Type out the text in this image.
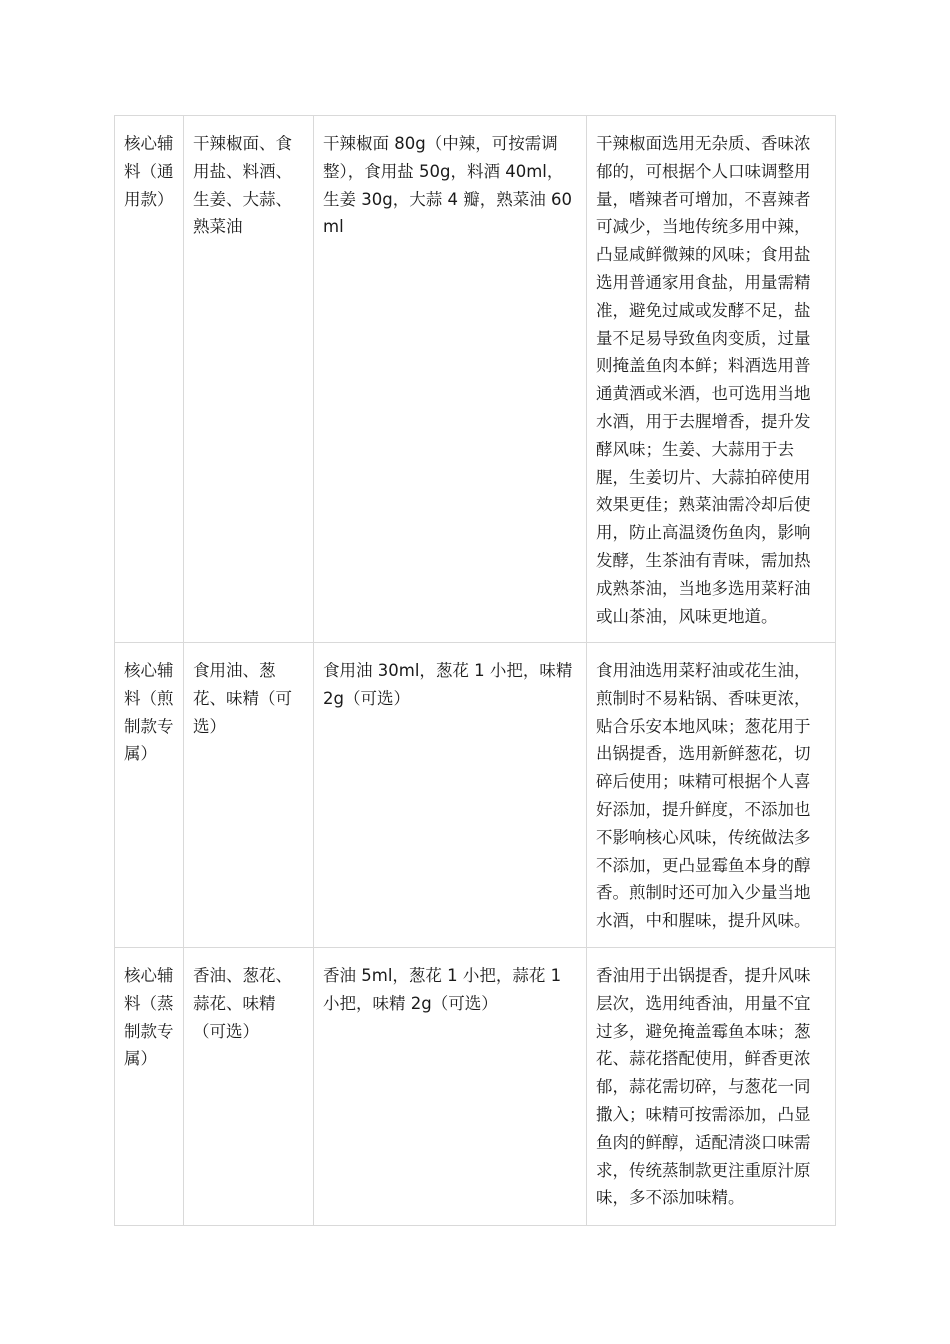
核心辅料（通用款）	干辣椒面、食用盐、料酒、生姜、大蒜、熟菜油	干辣椒面 80g（中辣，可按需调整），食用盐 50g，料酒 40ml，生姜 30g，大蒜 4 瓣，熟菜油 60ml	干辣椒面选用无杂质、香味浓郁的，可根据个人口味调整用量，嗜辣者可增加，不喜辣者可减少，当地传统多用中辣，凸显咸鲜微辣的风味；食用盐选用普通家用食盐，用量需精准，避免过咸或发酵不足，盐量不足易导致鱼肉变质，过量则掩盖鱼肉本鲜；料酒选用普通黄酒或米酒，也可选用当地水酒，用于去腥增香，提升发酵风味；生姜、大蒜用于去腥，生姜切片、大蒜拍碎使用效果更佳；熟菜油需冷却后使用，防止高温烫伤鱼肉，影响发酵，生茶油有青味，需加热成熟茶油，当地多选用菜籽油或山茶油，风味更地道。

核心辅料（煎制款专属）	食用油、葱花、味精（可选）	食用油 30ml，葱花 1 小把，味精 2g（可选）	食用油选用菜籽油或花生油，煎制时不易粘锅、香味更浓，贴合乐安本地风味；葱花用于出锅提香，选用新鲜葱花，切碎后使用；味精可根据个人喜好添加，提升鲜度，不添加也不影响核心风味，传统做法多不添加，更凸显霉鱼本身的醇香。煎制时还可加入少量当地水酒，中和腥味，提升风味。

核心辅料（蒸制款专属）	香油、葱花、蒜花、味精（可选）	香油 5ml，葱花 1 小把，蒜花 1 小把，味精 2g（可选）	香油用于出锅提香，提升风味层次，选用纯香油，用量不宜过多，避免掩盖霉鱼本味；葱花、蒜花搭配使用，鲜香更浓郁，蒜花需切碎，与葱花一同撒入；味精可按需添加，凸显鱼肉的鲜醇，适配清淡口味需求，传统蒸制款更注重原汁原味，多不添加味精。
